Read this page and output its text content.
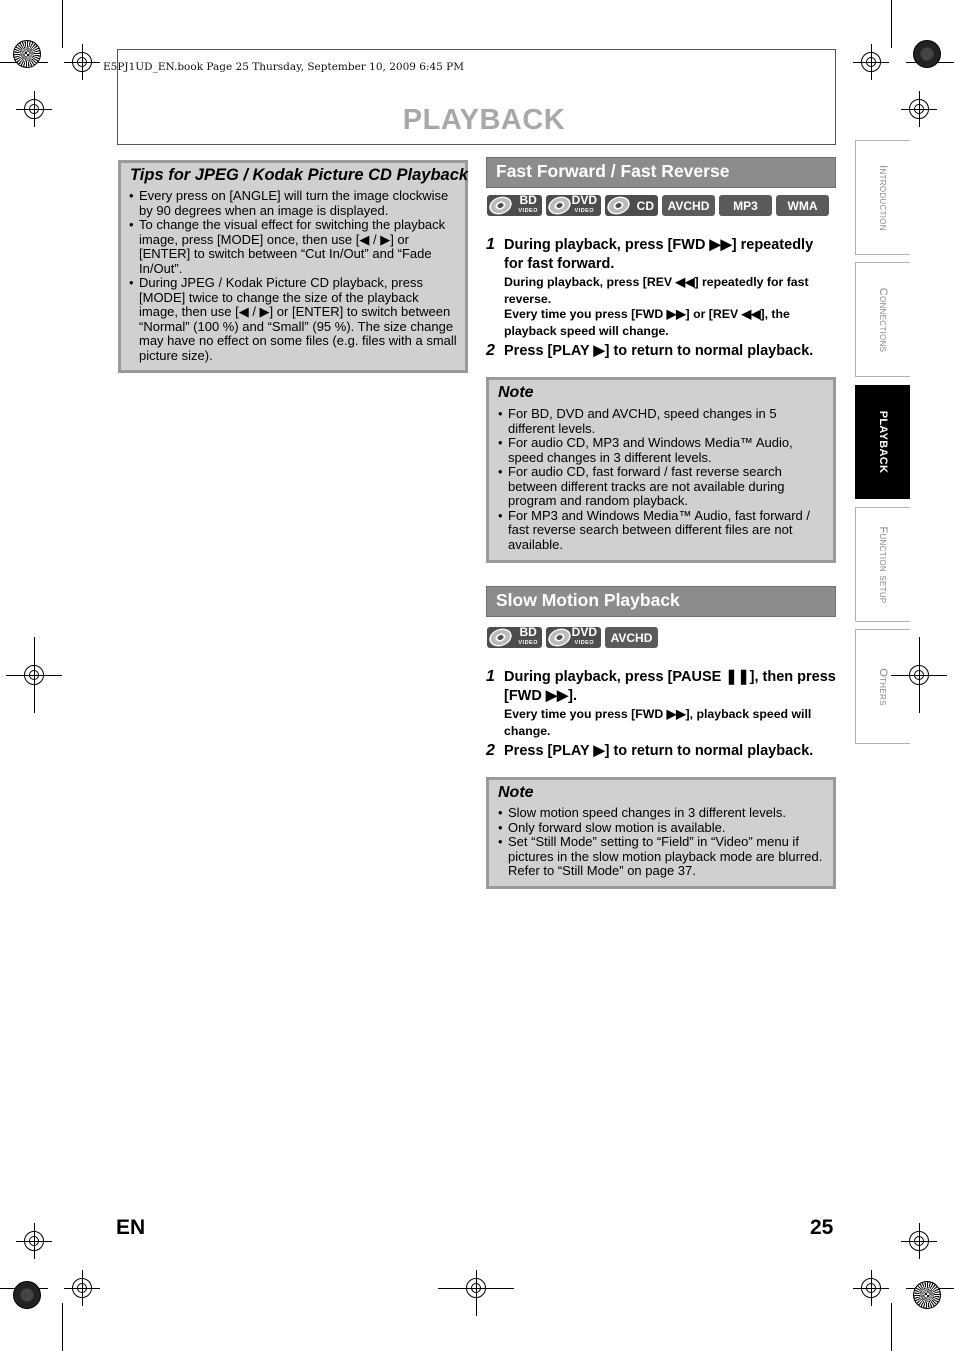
E5PJ1UD_EN.book Page 25 Thursday, September 10, 2009 6:45 PM
PLAYBACK
Tips for JPEG / Kodak Picture CD Playback
• Every press on [ANGLE] will turn the image clockwise by 90 degrees when an image is displayed.
• To change the visual effect for switching the playback image, press [MODE] once, then use [◀ / ▶] or [ENTER] to switch between “Cut In/Out” and “Fade In/Out”.
• During JPEG / Kodak Picture CD playback, press [MODE] twice to change the size of the playback image, then use [◀ / ▶] or [ENTER] to switch between “Normal” (100 %) and “Small” (95 %). The size change may have no effect on some files (e.g. files with a small picture size).
Fast Forward / Fast Reverse
BD
VIDEO
DVD
VIDEO	CD	AVCHD	MP3	WMA
1 During playback, press [FWD ▶▶] repeatedly for fast forward.
During playback, press [REV ◀◀] repeatedly for fast reverse.
Every time you press [FWD ▶▶] or [REV ◀◀], the playback speed will change.
2 Press [PLAY ▶] to return to normal playback.
Note
• For BD, DVD and AVCHD, speed changes in 5 different levels.
• For audio CD, MP3 and Windows Media™ Audio, speed changes in 3 different levels.
• For audio CD, fast forward / fast reverse search between different tracks are not available during program and random playback.
• For MP3 and Windows Media™ Audio, fast forward / fast reverse search between different files are not available.
Slow Motion Playback
BD
VIDEO
DVD
VIDEO	AVCHD
1 During playback, press [PAUSE ❚❚], then press [FWD ▶▶].
Every time you press [FWD ▶▶], playback speed will change.
2 Press [PLAY ▶] to return to normal playback.
Note
• Slow motion speed changes in 3 different levels.
• Only forward slow motion is available.
• Set “Still Mode” setting to “Field” in “Video” menu if pictures in the slow motion playback mode are blurred. Refer to “Still Mode” on page 37.
Introduction
Connections
PLAYBACK
Function setup
Others
EN	25
